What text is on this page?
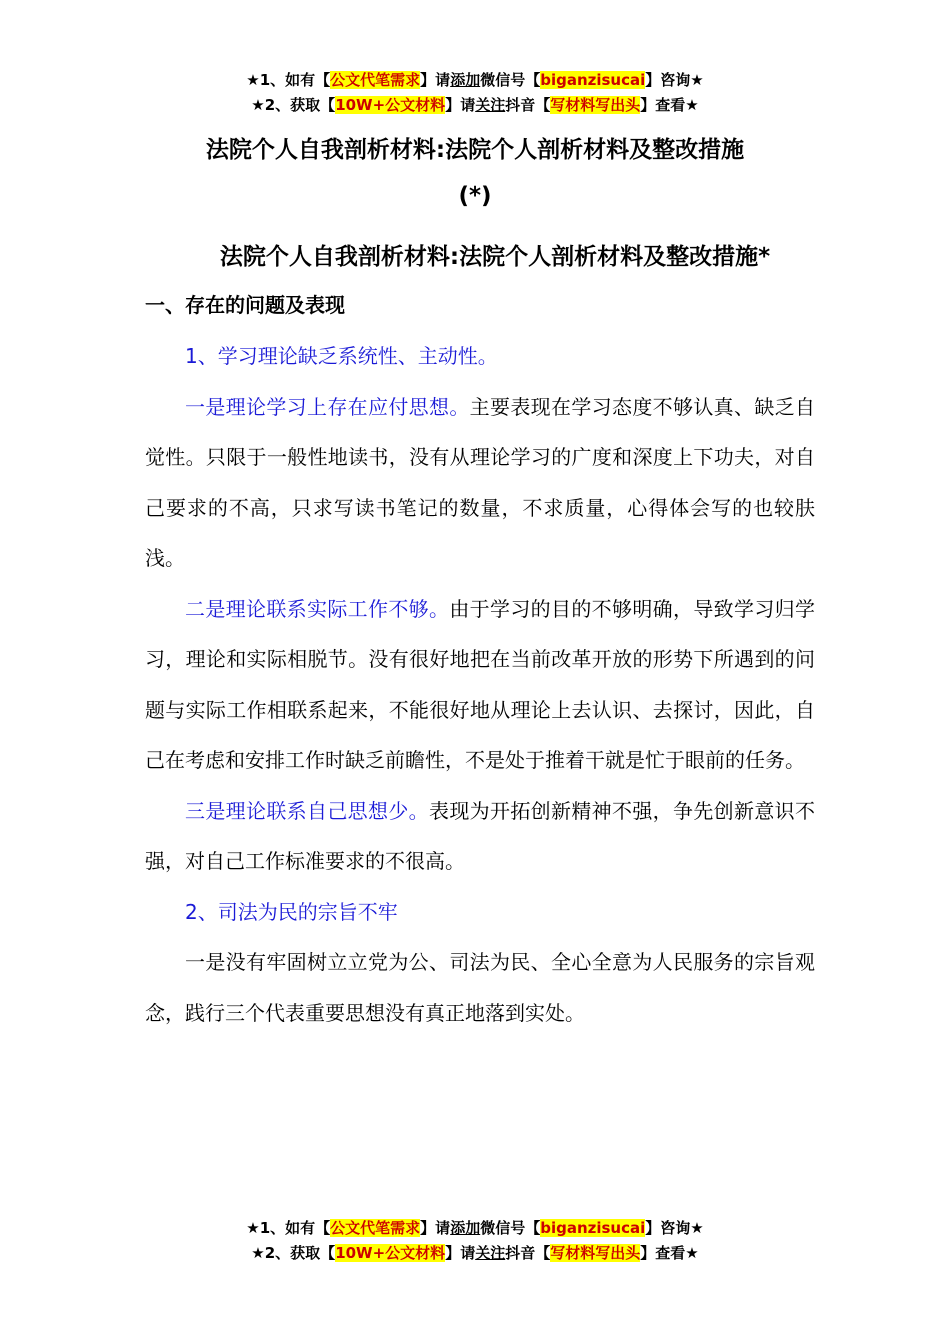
★1、如有【公文代笔需求】请添加微信号【biganzisucai】咨询★
★2、获取【10W+公文材料】请关注抖音【写材料写出头】查看★
法院个人自我剖析材料:法院个人剖析材料及整改措施
(*)
法院个人自我剖析材料:法院个人剖析材料及整改措施*
一、存在的问题及表现

1、学习理论缺乏系统性、主动性。

一是理论学习上存在应付思想。主要表现在学习态度不够认真、缺乏自觉性。只限于一般性地读书，没有从理论学习的广度和深度上下功夫，对自己要求的不高，只求写读书笔记的数量，不求质量，心得体会写的也较肤浅。

二是理论联系实际工作不够。由于学习的目的不够明确，导致学习归学习，理论和实际相脱节。没有很好地把在当前改革开放的形势下所遇到的问题与实际工作相联系起来，不能很好地从理论上去认识、去探讨，因此，自己在考虑和安排工作时缺乏前瞻性，不是处于推着干就是忙于眼前的任务。

三是理论联系自己思想少。表现为开拓创新精神不强，争先创新意识不强，对自己工作标准要求的不很高。

2、司法为民的宗旨不牢

一是没有牢固树立立党为公、司法为民、全心全意为人民服务的宗旨观念，践行三个代表重要思想没有真正地落到实处。

★1、如有【公文代笔需求】请添加微信号【biganzisucai】咨询★
★2、获取【10W+公文材料】请关注抖音【写材料写出头】查看★
